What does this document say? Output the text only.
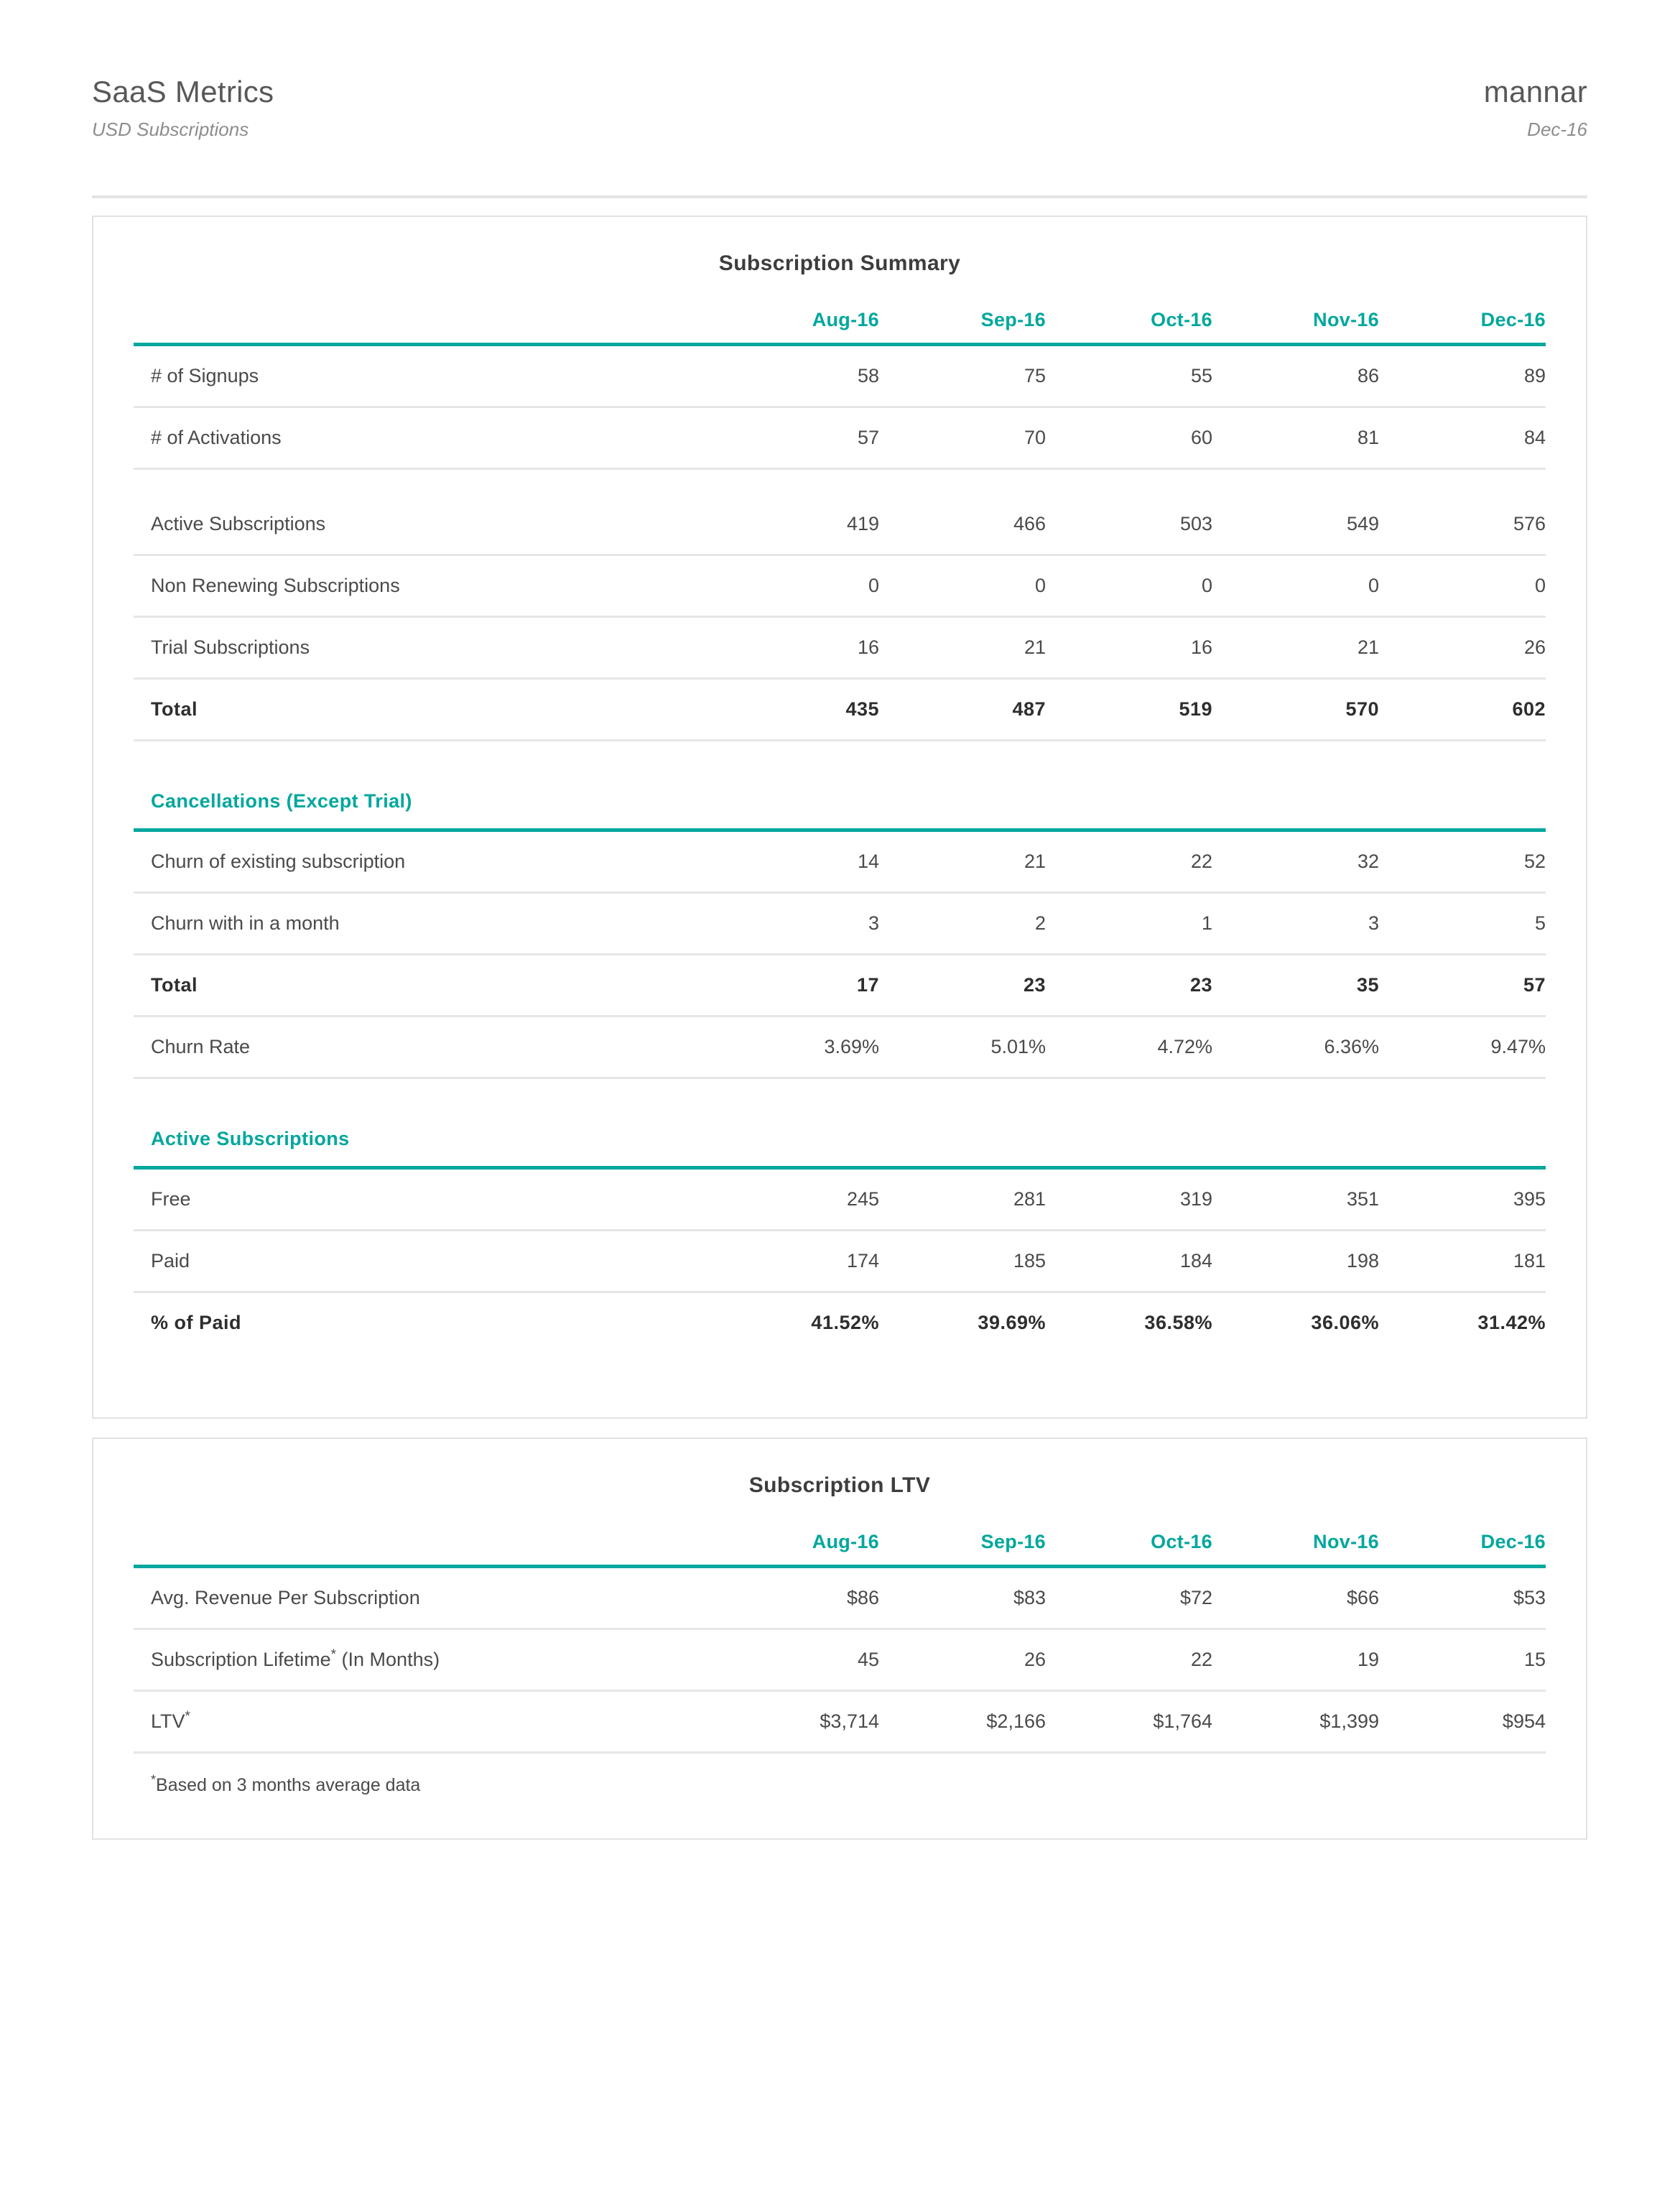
SaaS Metrics
USD Subscriptions
mannar
Dec-16
Subscription Summary

	Aug-16	Sep-16	Oct-16	Nov-16	Dec-16
# of Signups	58	75	55	86	89
# of Activations	57	70	60	81	84

Active Subscriptions	419	466	503	549	576
Non Renewing Subscriptions	0	0	0	0	0
Trial Subscriptions	16	21	16	21	26
Total	435	487	519	570	602

Cancellations (Except Trial)					
Churn of existing subscription	14	21	22	32	52
Churn with in a month	3	2	1	3	5
Total	17	23	23	35	57
Churn Rate	3.69%	5.01%	4.72%	6.36%	9.47%

Active Subscriptions					
Free	245	281	319	351	395
Paid	174	185	184	198	181
% of Paid	41.52%	39.69%	36.58%	36.06%	31.42%
Subscription LTV

	Aug-16	Sep-16	Oct-16	Nov-16	Dec-16
Avg. Revenue Per Subscription	$86	$83	$72	$66	$53
Subscription Lifetime* (In Months)	45	26	22	19	15
LTV*	$3,714	$2,166	$1,764	$1,399	$954
*Based on 3 months average data					
